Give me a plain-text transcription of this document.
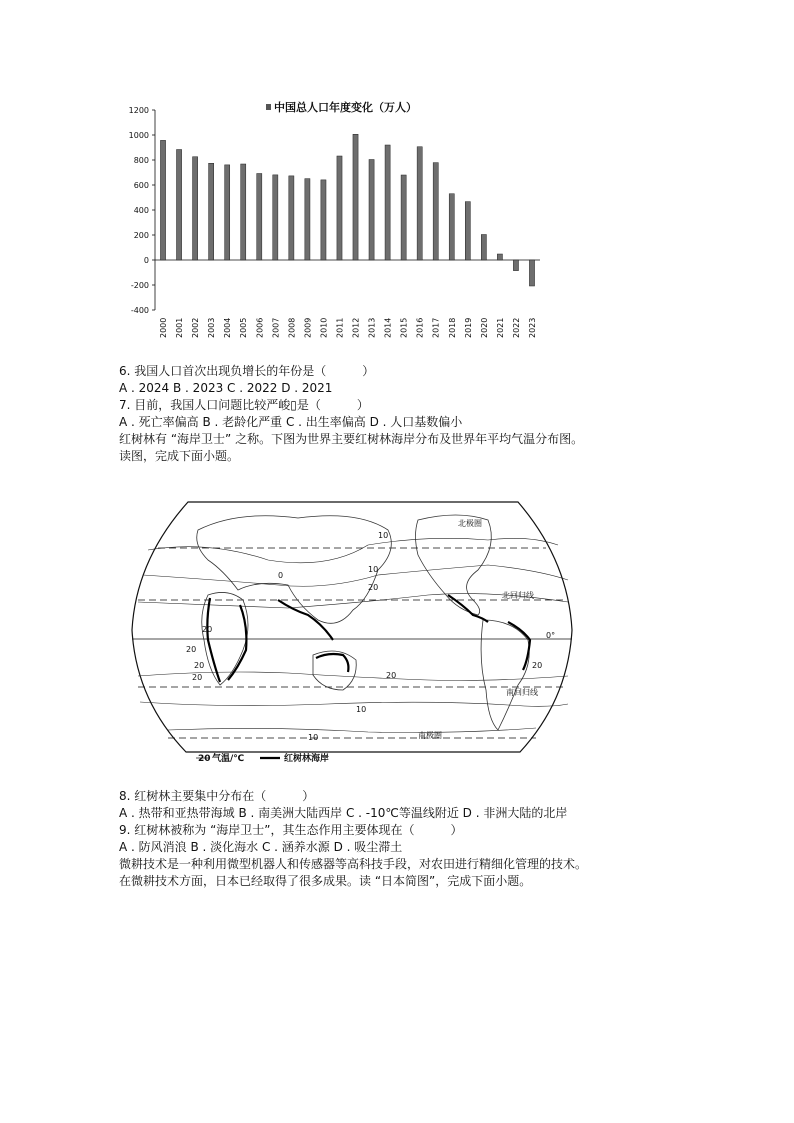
中国总人口年度变化（万人）
1200
1000
800
600
400
200
0
-200
-400
2000 2001 2002 2003 2004 2005 2006 2007 2008 2009 2010 2011 2012 2013 2014 2015 2016 2017 2018 2019 2020 2021 2022 2023
6. 我国人口首次出现负增长的年份是（　　　）
A . 2024 B . 2023 C . 2022 D . 2021
7. 目前，我国人口问题比较严峻▯是（　　　）
A . 死亡率偏高 B . 老龄化严重 C . 出生率偏高 D . 人口基数偏小
红树林有 “海岸卫士” 之称。下图为世界主要红树林海岸分布及世界年平均气温分布图。
读图，完成下面小题。
北极圈
北回归线
0°
南回归线
南极圈
10
0
10
20
20
20
20
20	20
20
10
10
20 气温/℃	红树林海岸
8. 红树林主要集中分布在（　　　）
A . 热带和亚热带海域 B . 南美洲大陆西岸 C . -10℃等温线附近 D . 非洲大陆的北岸
9. 红树林被称为 “海岸卫士”，其生态作用主要体现在（　　　）
A . 防风消浪 B . 淡化海水 C . 涵养水源 D . 吸尘滞土
微耕技术是一种利用微型机器人和传感器等高科技手段，对农田进行精细化管理的技术。
在微耕技术方面，日本已经取得了很多成果。读 “日本简图”，完成下面小题。
